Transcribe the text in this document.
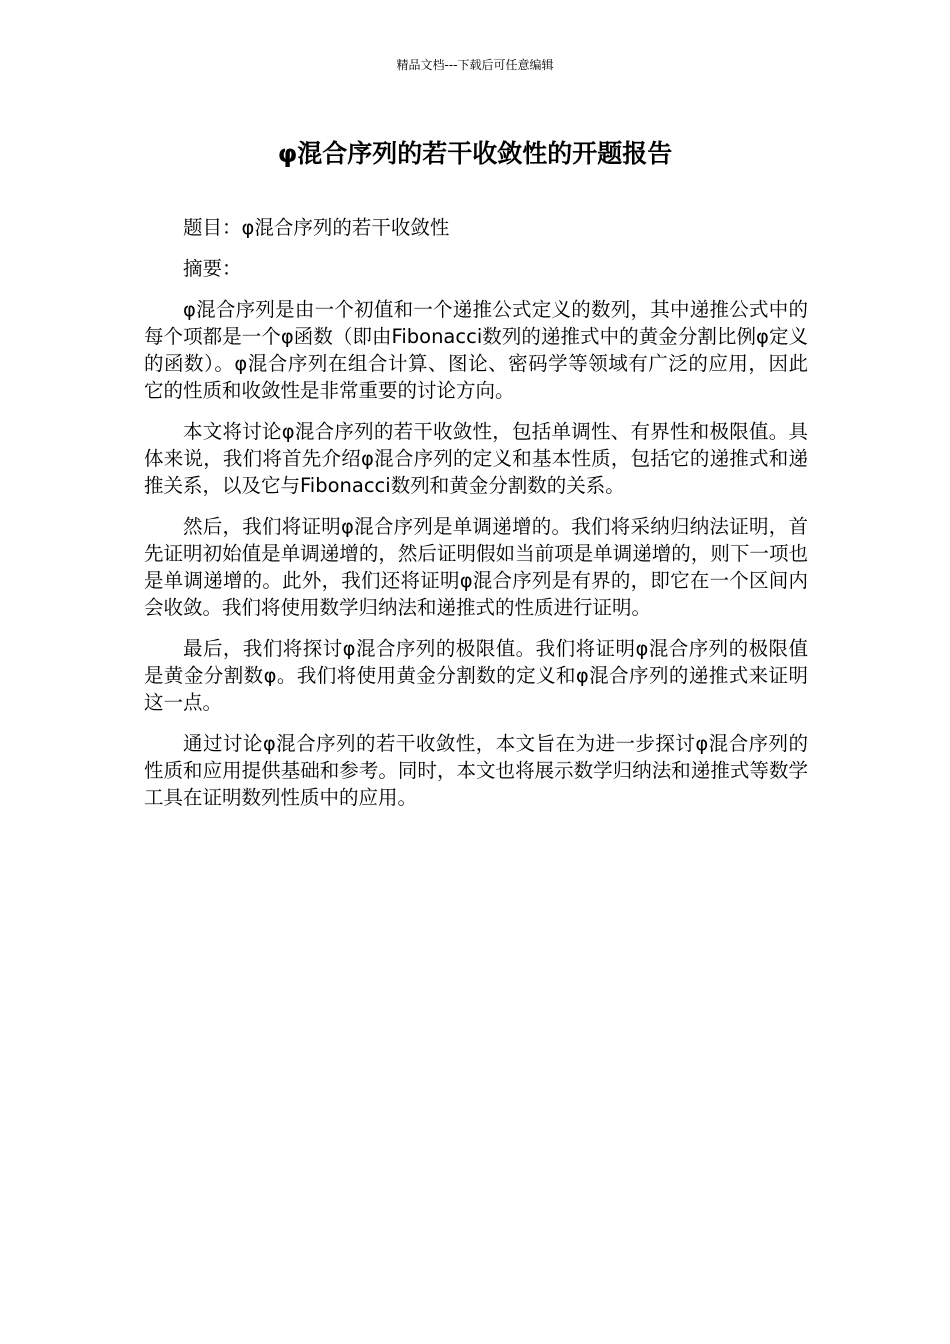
精品文档---下载后可任意编辑
φ混合序列的若干收敛性的开题报告

题目：φ混合序列的若干收敛性

摘要：

φ混合序列是由一个初值和一个递推公式定义的数列，其中递推公式中的每个项都是一个φ函数（即由Fibonacci数列的递推式中的黄金分割比例φ定义的函数）。φ混合序列在组合计算、图论、密码学等领域有广泛的应用，因此它的性质和收敛性是非常重要的讨论方向。

本文将讨论φ混合序列的若干收敛性，包括单调性、有界性和极限值。具体来说，我们将首先介绍φ混合序列的定义和基本性质，包括它的递推式和递推关系，以及它与Fibonacci数列和黄金分割数的关系。

然后，我们将证明φ混合序列是单调递增的。我们将采纳归纳法证明，首先证明初始值是单调递增的，然后证明假如当前项是单调递增的，则下一项也是单调递增的。此外，我们还将证明φ混合序列是有界的，即它在一个区间内会收敛。我们将使用数学归纳法和递推式的性质进行证明。

最后，我们将探讨φ混合序列的极限值。我们将证明φ混合序列的极限值是黄金分割数φ。我们将使用黄金分割数的定义和φ混合序列的递推式来证明这一点。

通过讨论φ混合序列的若干收敛性，本文旨在为进一步探讨φ混合序列的性质和应用提供基础和参考。同时，本文也将展示数学归纳法和递推式等数学工具在证明数列性质中的应用。
